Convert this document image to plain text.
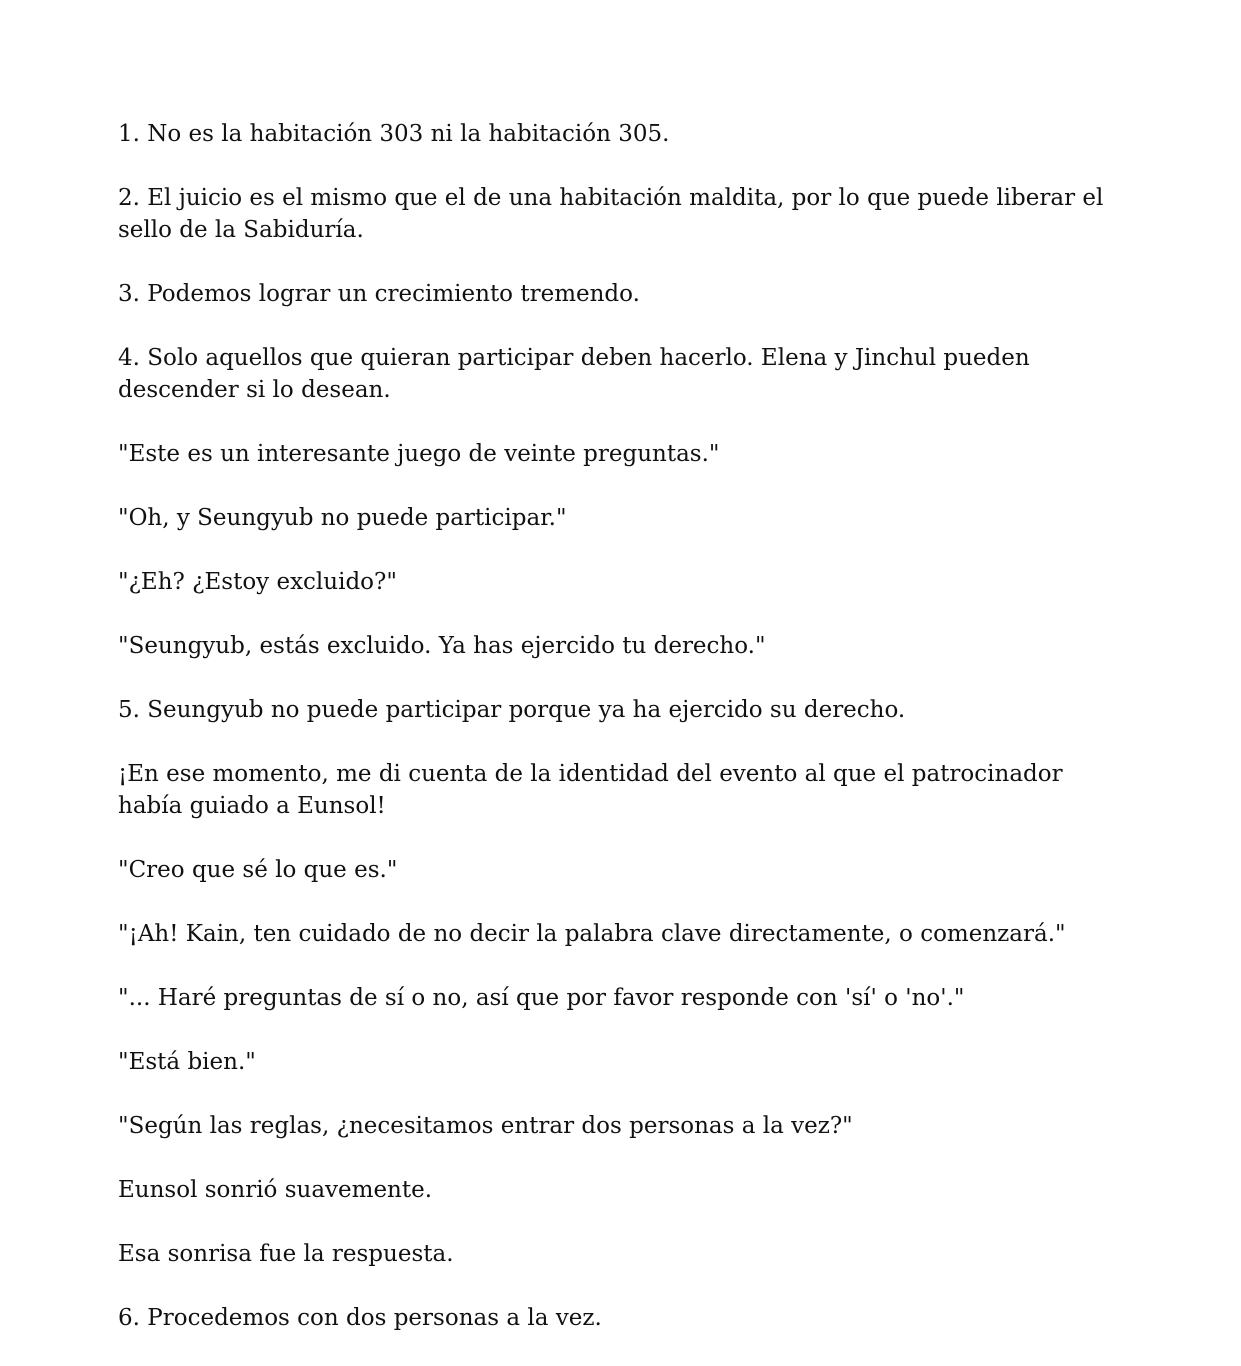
1. No es la habitación 303 ni la habitación 305.

2. El juicio es el mismo que el de una habitación maldita, por lo que puede liberar el sello de la Sabiduría.

3. Podemos lograr un crecimiento tremendo.

4. Solo aquellos que quieran participar deben hacerlo. Elena y Jinchul pueden descender si lo desean.

"Este es un interesante juego de veinte preguntas."

"Oh, y Seungyub no puede participar."

"¿Eh? ¿Estoy excluido?"

"Seungyub, estás excluido. Ya has ejercido tu derecho."

5. Seungyub no puede participar porque ya ha ejercido su derecho.

¡En ese momento, me di cuenta de la identidad del evento al que el patrocinador había guiado a Eunsol!

"Creo que sé lo que es."

"¡Ah! Kain, ten cuidado de no decir la palabra clave directamente, o comenzará."

"... Haré preguntas de sí o no, así que por favor responde con 'sí' o 'no'."

"Está bien."

"Según las reglas, ¿necesitamos entrar dos personas a la vez?"

Eunsol sonrió suavemente.

Esa sonrisa fue la respuesta.

6. Procedemos con dos personas a la vez.
